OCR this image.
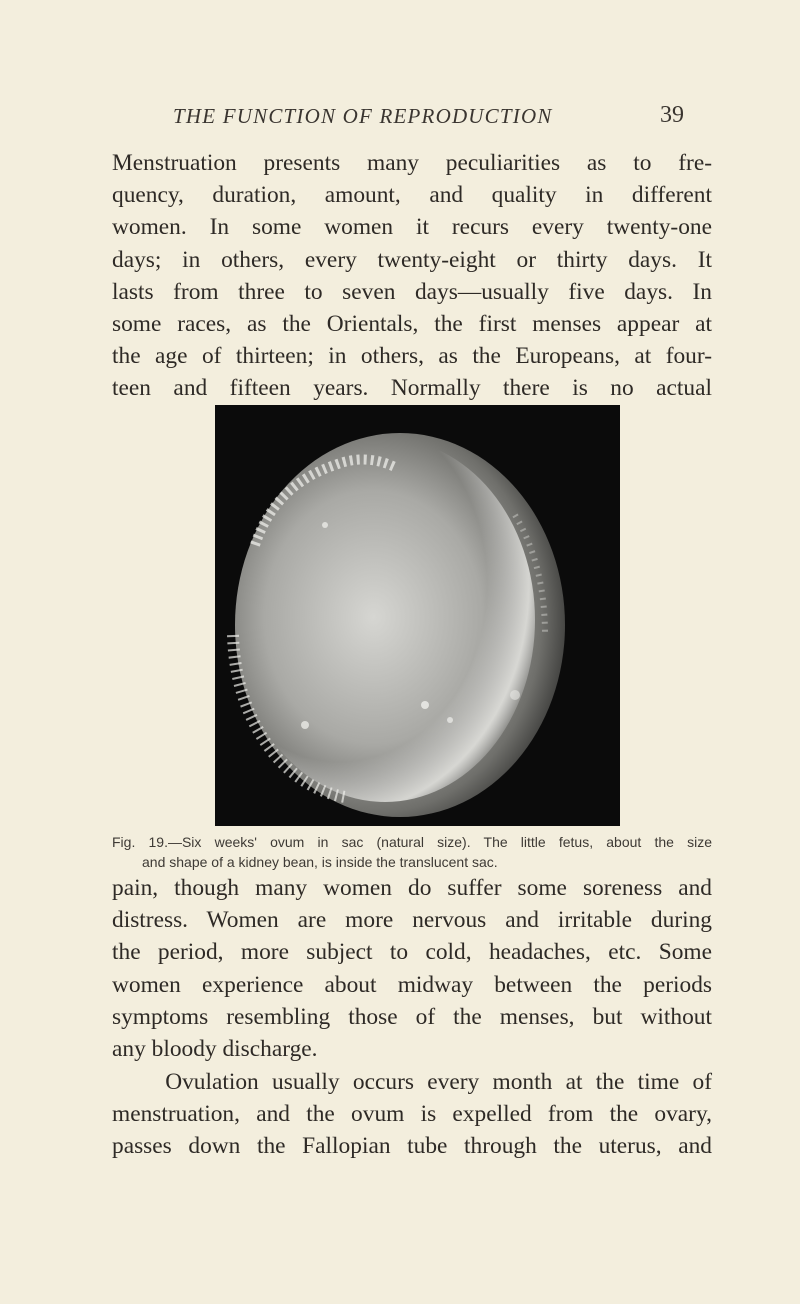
THE FUNCTION OF REPRODUCTION	39

Menstruation presents many peculiarities as to fre-
quency, duration, amount, and quality in different
women. In some women it recurs every twenty-one
days; in others, every twenty-eight or thirty days. It
lasts from three to seven days—usually five days. In
some races, as the Orientals, the first menses appear at
the age of thirteen; in others, as the Europeans, at four-
teen and fifteen years. Normally there is no actual

Fig. 19.—Six weeks' ovum in sac (natural size). The little fetus, about the size
and shape of a kidney bean, is inside the translucent sac.

pain, though many women do suffer some soreness and
distress. Women are more nervous and irritable during
the period, more subject to cold, headaches, etc. Some
women experience about midway between the periods
symptoms resembling those of the menses, but without
any bloody discharge.

Ovulation usually occurs every month at the time of
menstruation, and the ovum is expelled from the ovary,
passes down the Fallopian tube through the uterus, and
